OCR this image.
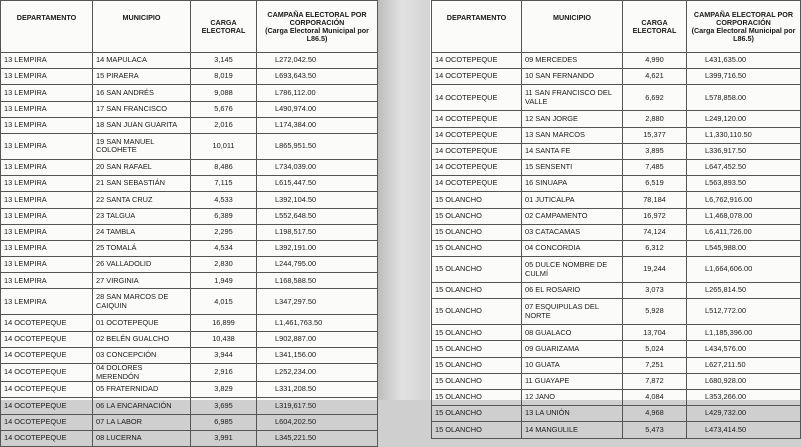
DEPARTAMENTO	MUNICIPIO	CARGA ELECTORAL	CAMPAÑA ELECTORAL POR CORPORACIÓN
(Carga Electoral Municipal por L86.5)

13 LEMPIRA	14 MAPULACA	3,145	L272,042.50
13 LEMPIRA	15 PIRAERA	8,019	L693,643.50
13 LEMPIRA	16 SAN ANDRÉS	9,088	L786,112.00
13 LEMPIRA	17 SAN FRANCISCO	5,676	L490,974.00
13 LEMPIRA	18 SAN JUAN GUARITA	2,016	L174,384.00
13 LEMPIRA	19 SAN MANUEL COLOHETE	10,011	L865,951.50
13 LEMPIRA	20 SAN RAFAEL	8,486	L734,039.00
13 LEMPIRA	21 SAN SEBASTIÁN	7,115	L615,447.50
13 LEMPIRA	22 SANTA CRUZ	4,533	L392,104.50
13 LEMPIRA	23 TALGUA	6,389	L552,648.50
13 LEMPIRA	24 TAMBLA	2,295	L198,517.50
13 LEMPIRA	25 TOMALÁ	4,534	L392,191.00
13 LEMPIRA	26 VALLADOLID	2,830	L244,795.00
13 LEMPIRA	27 VIRGINIA	1,949	L168,588.50
13 LEMPIRA	28 SAN MARCOS DE CAIQUIN	4,015	L347,297.50
14 OCOTEPEQUE	01 OCOTEPEQUE	16,899	L1,461,763.50
14 OCOTEPEQUE	02 BELÉN GUALCHO	10,438	L902,887.00
14 OCOTEPEQUE	03 CONCEPCIÓN	3,944	L341,156.00
14 OCOTEPEQUE	04 DOLORES MERENDÓN	2,916	L252,234.00
14 OCOTEPEQUE	05 FRATERNIDAD	3,829	L331,208.50
14 OCOTEPEQUE	06 LA ENCARNACIÓN	3,695	L319,617.50
14 OCOTEPEQUE	07 LA LABOR	6,985	L604,202.50
14 OCOTEPEQUE	08 LUCERNA	3,991	L345,221.50
DEPARTAMENTO	MUNICIPIO	CARGA ELECTORAL	CAMPAÑA ELECTORAL POR CORPORACIÓN
(Carga Electoral Municipal por L86.5)

14 OCOTEPEQUE	09 MERCEDES	4,990	L431,635.00
14 OCOTEPEQUE	10 SAN FERNANDO	4,621	L399,716.50
14 OCOTEPEQUE	11 SAN FRANCISCO DEL VALLE	6,692	L578,858.00
14 OCOTEPEQUE	12 SAN JORGE	2,880	L249,120.00
14 OCOTEPEQUE	13 SAN MARCOS	15,377	L1,330,110.50
14 OCOTEPEQUE	14 SANTA FE	3,895	L336,917.50
14 OCOTEPEQUE	15 SENSENTI	7,485	L647,452.50
14 OCOTEPEQUE	16 SINUAPA	6,519	L563,893.50
15 OLANCHO	01 JUTICALPA	78,184	L6,762,916.00
15 OLANCHO	02 CAMPAMENTO	16,972	L1,468,078.00
15 OLANCHO	03 CATACAMAS	74,124	L6,411,726.00
15 OLANCHO	04 CONCORDIA	6,312	L545,988.00
15 OLANCHO	05 DULCE NOMBRE DE CULMÍ	19,244	L1,664,606.00
15 OLANCHO	06 EL ROSARIO	3,073	L265,814.50
15 OLANCHO	07 ESQUIPULAS DEL NORTE	5,928	L512,772.00
15 OLANCHO	08 GUALACO	13,704	L1,185,396.00
15 OLANCHO	09 GUARIZAMA	5,024	L434,576.00
15 OLANCHO	10 GUATA	7,251	L627,211.50
15 OLANCHO	11 GUAYAPE	7,872	L680,928.00
15 OLANCHO	12 JANO	4,084	L353,266.00
15 OLANCHO	13 LA UNIÓN	4,968	L429,732.00
15 OLANCHO	14 MANGULILE	5,473	L473,414.50
